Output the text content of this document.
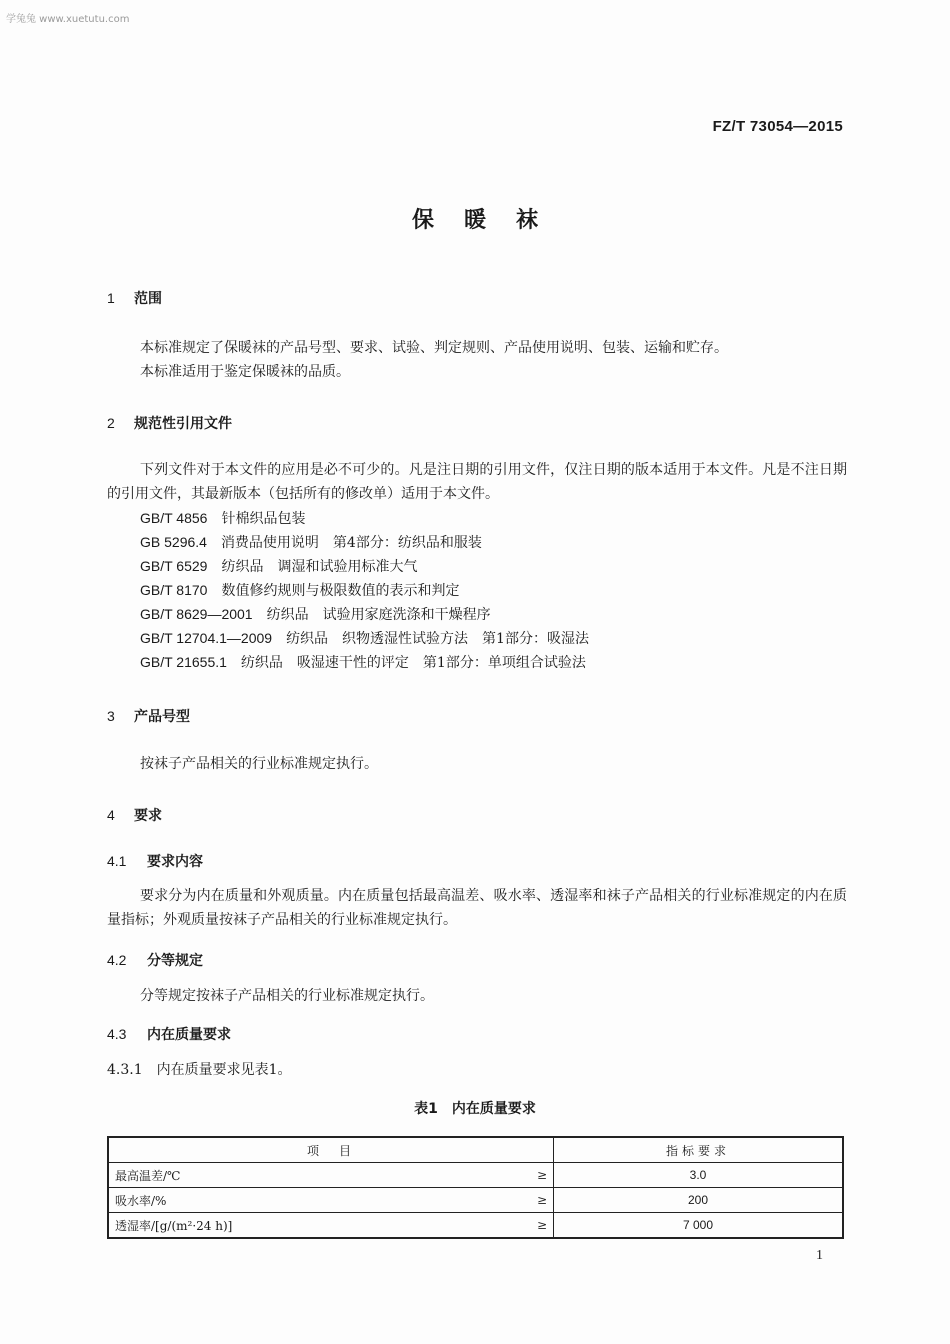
学兔兔 www.xuetutu.com
FZ/T 73054—2015
保暖袜
1 范围
本标准规定了保暖袜的产品号型、要求、试验、判定规则、产品使用说明、包装、运输和贮存。
本标准适用于鉴定保暖袜的品质。
2 规范性引用文件
下列文件对于本文件的应用是必不可少的。凡是注日期的引用文件，仅注日期的版本适用于本文件。凡是不注日期的引用文件，其最新版本（包括所有的修改单）适用于本文件。
GB/T 4856 针棉织品包装
GB 5296.4 消费品使用说明　第4部分：纺织品和服装
GB/T 6529 纺织品　调湿和试验用标准大气
GB/T 8170 数值修约规则与极限数值的表示和判定
GB/T 8629—2001 纺织品　试验用家庭洗涤和干燥程序
GB/T 12704.1—2009 纺织品　织物透湿性试验方法　第1部分：吸湿法
GB/T 21655.1 纺织品　吸湿速干性的评定　第1部分：单项组合试验法
3 产品号型
按袜子产品相关的行业标准规定执行。
4 要求
4.1 要求内容
要求分为内在质量和外观质量。内在质量包括最高温差、吸水率、透湿率和袜子产品相关的行业标准规定的内在质量指标；外观质量按袜子产品相关的行业标准规定执行。
4.2 分等规定
分等规定按袜子产品相关的行业标准规定执行。
4.3 内在质量要求
4.3.1　内在质量要求见表1。
表1　内在质量要求
项　目		指标要求
最高温差/℃	≥	3.0
吸水率/%	≥	200
透湿率/[g/(m²·24 h)]	≥	7 000
1
